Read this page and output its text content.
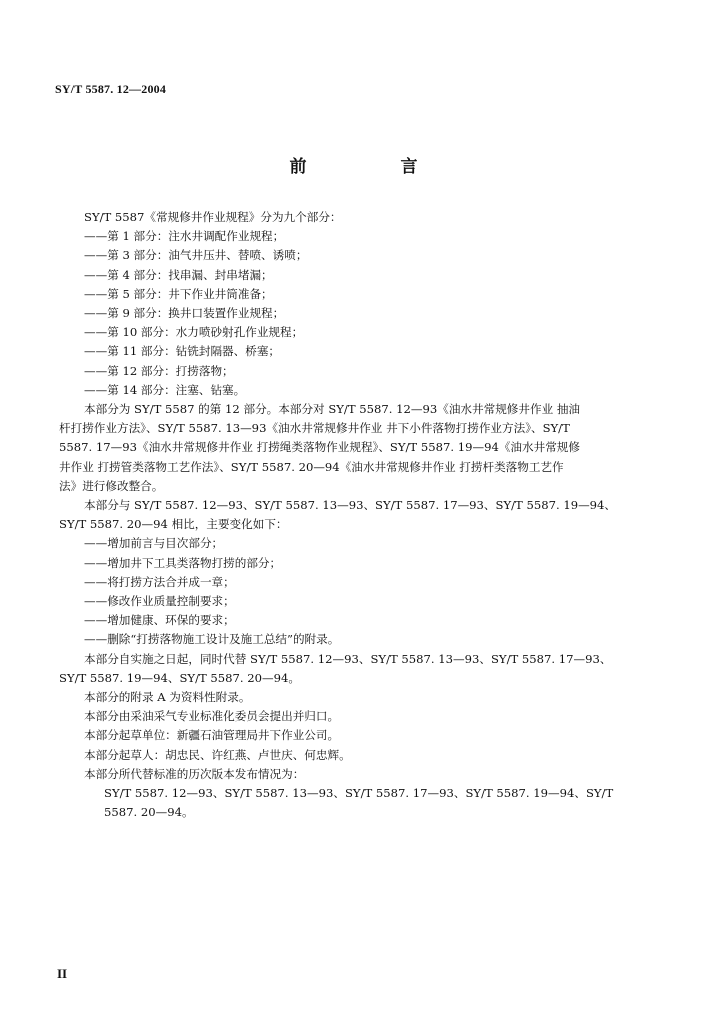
SY/T 5587. 12—2004
前 言
SY/T 5587《常规修井作业规程》分为九个部分：
——第 1 部分：注水井调配作业规程；
——第 3 部分：油气井压井、替喷、诱喷；
——第 4 部分：找串漏、封串堵漏；
——第 5 部分：井下作业井筒准备；
——第 9 部分：换井口装置作业规程；
——第 10 部分：水力喷砂射孔作业规程；
——第 11 部分：钻铣封隔器、桥塞；
——第 12 部分：打捞落物；
——第 14 部分：注塞、钻塞。
本部分为 SY/T 5587 的第 12 部分。本部分对 SY/T 5587. 12—93《油水井常规修井作业 抽油
杆打捞作业方法》、SY/T 5587. 13—93《油水井常规修井作业 井下小件落物打捞作业方法》、SY/T
5587. 17—93《油水井常规修井作业 打捞绳类落物作业规程》、SY/T 5587. 19—94《油水井常规修
井作业 打捞管类落物工艺作法》、SY/T 5587. 20—94《油水井常规修井作业 打捞杆类落物工艺作
法》进行修改整合。
本部分与 SY/T 5587. 12—93、SY/T 5587. 13—93、SY/T 5587. 17—93、SY/T 5587. 19—94、
SY/T 5587. 20—94 相比，主要变化如下：
——增加前言与目次部分；
——增加井下工具类落物打捞的部分；
——将打捞方法合并成一章；
——修改作业质量控制要求；
——增加健康、环保的要求；
——删除“打捞落物施工设计及施工总结”的附录。
本部分自实施之日起，同时代替 SY/T 5587. 12—93、SY/T 5587. 13—93、SY/T 5587. 17—93、
SY/T 5587. 19—94、SY/T 5587. 20—94。
本部分的附录 A 为资料性附录。
本部分由采油采气专业标准化委员会提出并归口。
本部分起草单位：新疆石油管理局井下作业公司。
本部分起草人：胡忠民、许红燕、卢世庆、何忠辉。
本部分所代替标准的历次版本发布情况为：
SY/T 5587. 12—93、SY/T 5587. 13—93、SY/T 5587. 17—93、SY/T 5587. 19—94、SY/T
5587. 20—94。
II
